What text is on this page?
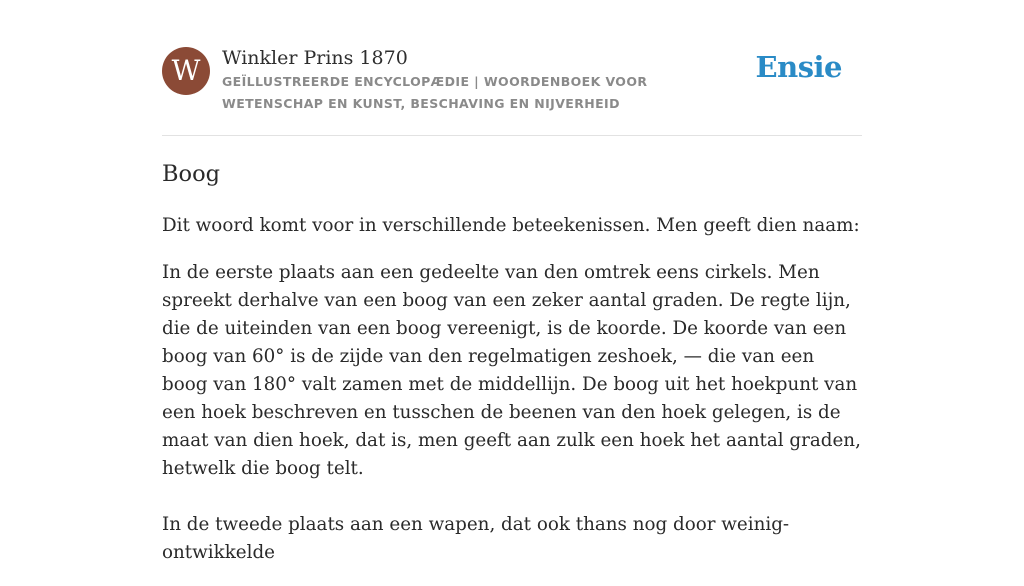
W	Winkler Prins 1870
GEÏLLUSTREERDE ENCYCLOPÆDIE | WOORDENBOEK VOOR WETENSCHAP EN KUNST, BESCHAVING EN NIJVERHEID
Ensie
Boog

Dit woord komt voor in verschillende beteekenissen. Men geeft dien naam:

In de eerste plaats aan een gedeelte van den omtrek eens cirkels. Men spreekt derhalve van een boog van een zeker aantal graden. De regte lijn, die de uiteinden van een boog vereenigt, is de koorde. De koorde van een boog van 60° is de zijde van den regelmatigen zeshoek, — die van een boog van 180° valt zamen met de middellijn. De boog uit het hoekpunt van een hoek beschreven en tusschen de beenen van den hoek gelegen, is de maat van dien hoek, dat is, men geeft aan zulk een hoek het aantal graden, hetwelk die boog telt.

In de tweede plaats aan een wapen, dat ook thans nog door weinig-ontwikkelde
